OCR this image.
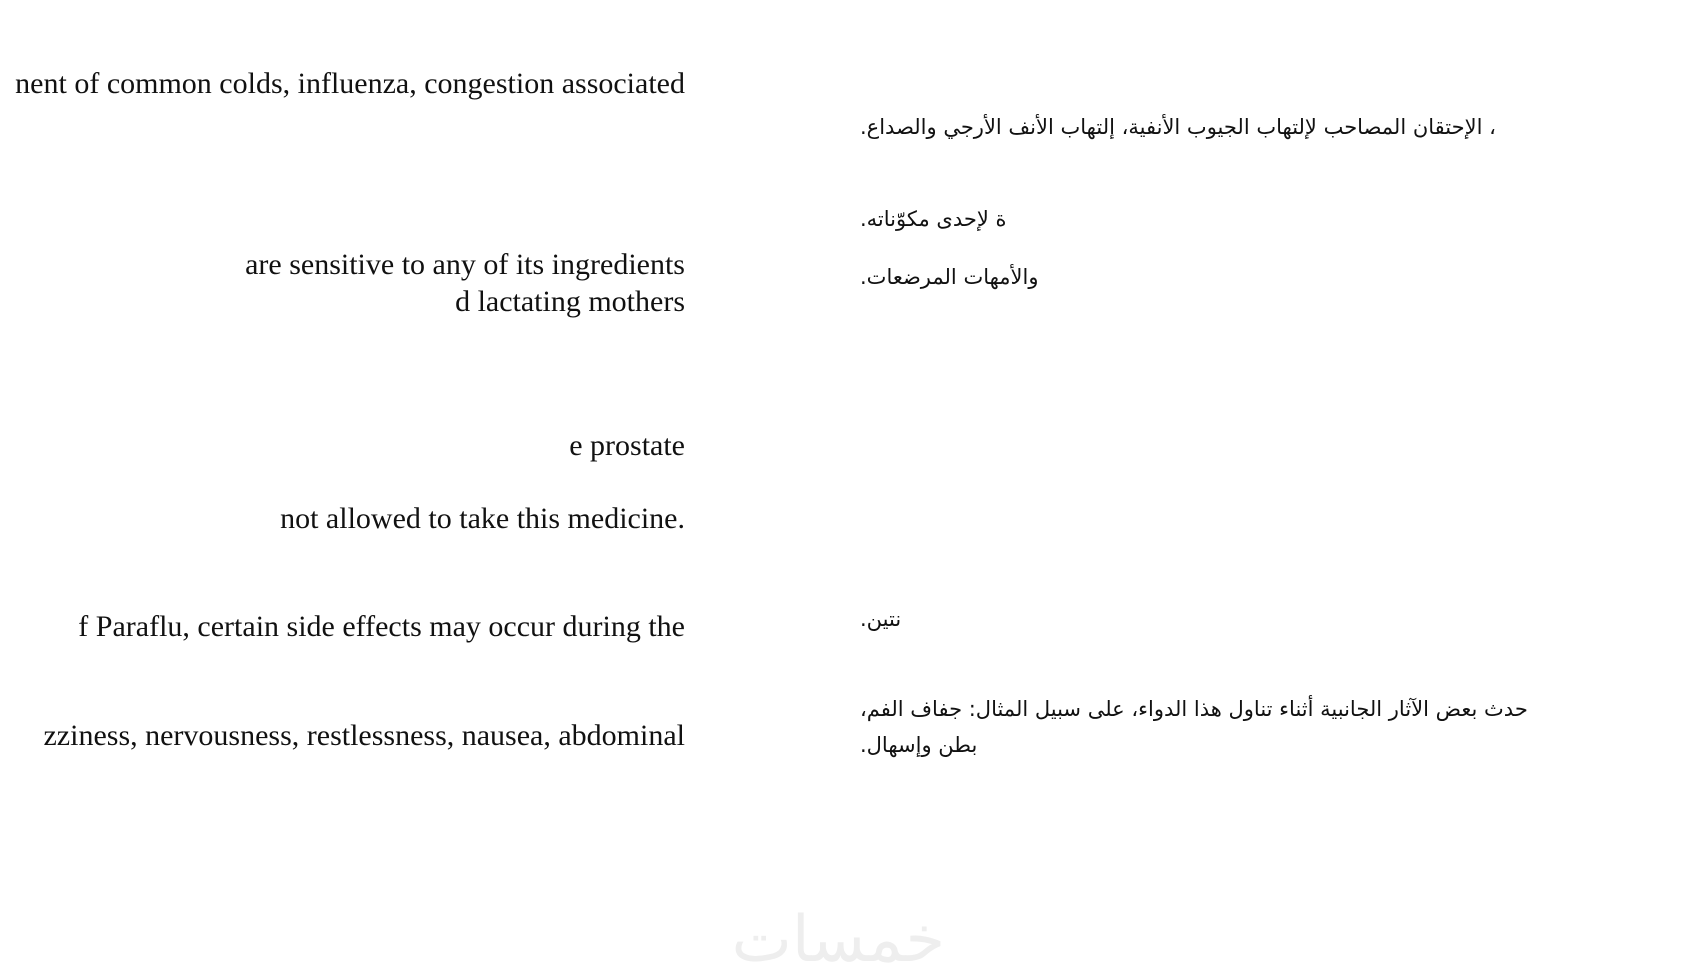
nent of common colds, influenza, congestion associated
are sensitive to any of its ingredients
d lactating mothers
e prostate
not allowed to take this medicine.
f Paraflu, certain side effects may occur during the
zziness, nervousness, restlessness, nausea, abdominal
، الإحتقان المصاحب لإلتهاب الجيوب الأنفية، إلتهاب الأنف الأرجي والصداع.
ة لإحدى مكوّناته.
والأمهات المرضعات.
نتين.
حدث بعض الآثار الجانبية أثناء تناول هذا الدواء، على سبيل المثال: جفاف الفم،
بطن وإسهال.
خمسات
